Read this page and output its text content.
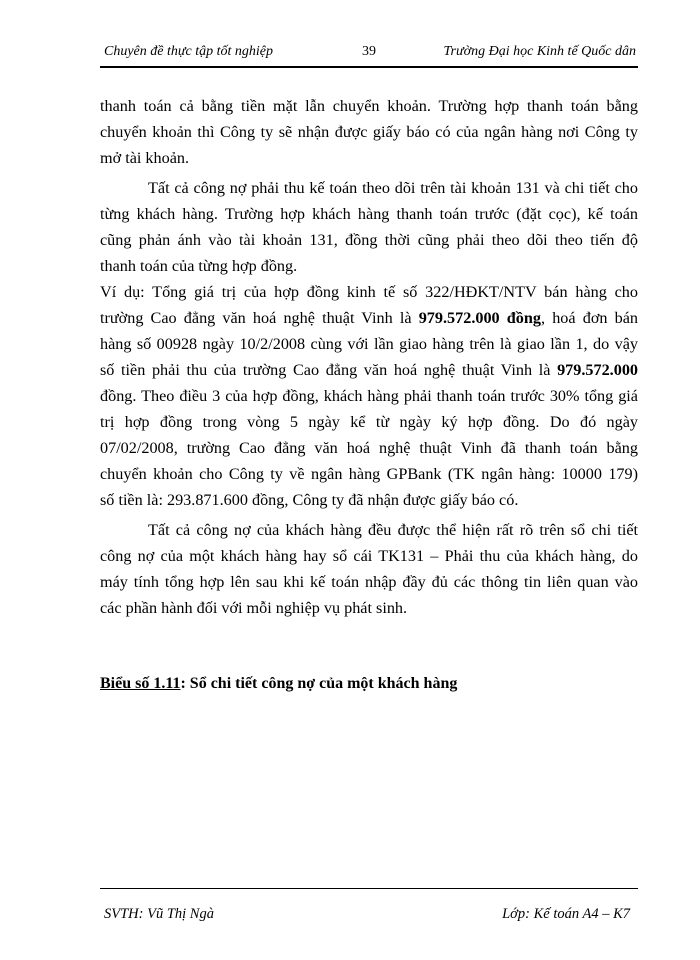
Chuyên đề thực tập tốt nghiệp	39	Trường Đại học Kinh tế Quốc dân
thanh toán cả bằng tiền mặt lẫn chuyển khoản. Trường hợp thanh toán bằng
chuyển khoản thì Công ty sẽ nhận được giấy báo có của ngân hàng nơi Công ty
mở tài khoản.
Tất cả công nợ phải thu kế toán theo dõi trên tài khoản 131 và chi tiết cho
từng khách hàng. Trường hợp khách hàng thanh toán trước (đặt cọc), kế toán
cũng phản ánh vào tài khoản 131, đồng thời cũng phải theo dõi theo tiến độ
thanh toán của từng hợp đồng.
Ví dụ: Tổng giá trị của hợp đồng kinh tế số 322/HĐKT/NTV bán hàng cho
trường Cao đẳng văn hoá nghệ thuật Vinh là 979.572.000 đồng, hoá đơn bán
hàng số 00928 ngày 10/2/2008 cùng với lần giao hàng trên là giao lần 1, do vậy
số tiền phải thu của trường Cao đẳng văn hoá nghệ thuật Vinh là 979.572.000
đồng. Theo điều 3 của hợp đồng, khách hàng phải thanh toán trước 30% tổng giá
trị hợp đồng trong vòng 5 ngày kể từ ngày ký hợp đồng. Do đó ngày
07/02/2008, trường Cao đẳng văn hoá nghệ thuật Vinh đã thanh toán bằng
chuyển khoản cho Công ty về ngân hàng GPBank (TK ngân hàng: 10000 179)
số tiền là: 293.871.600 đồng, Công ty đã nhận được giấy báo có.
Tất cả công nợ của khách hàng đều được thể hiện rất rõ trên sổ chi tiết
công nợ của một khách hàng hay sổ cái TK131 – Phải thu của khách hàng, do
máy tính tổng hợp lên sau khi kế toán nhập đầy đủ các thông tin liên quan vào
các phần hành đối với mỗi nghiệp vụ phát sinh.
Biểu số 1.11: Sổ chi tiết công nợ của một khách hàng
SVTH: Vũ Thị Ngà	Lớp: Kế toán A4 – K7
